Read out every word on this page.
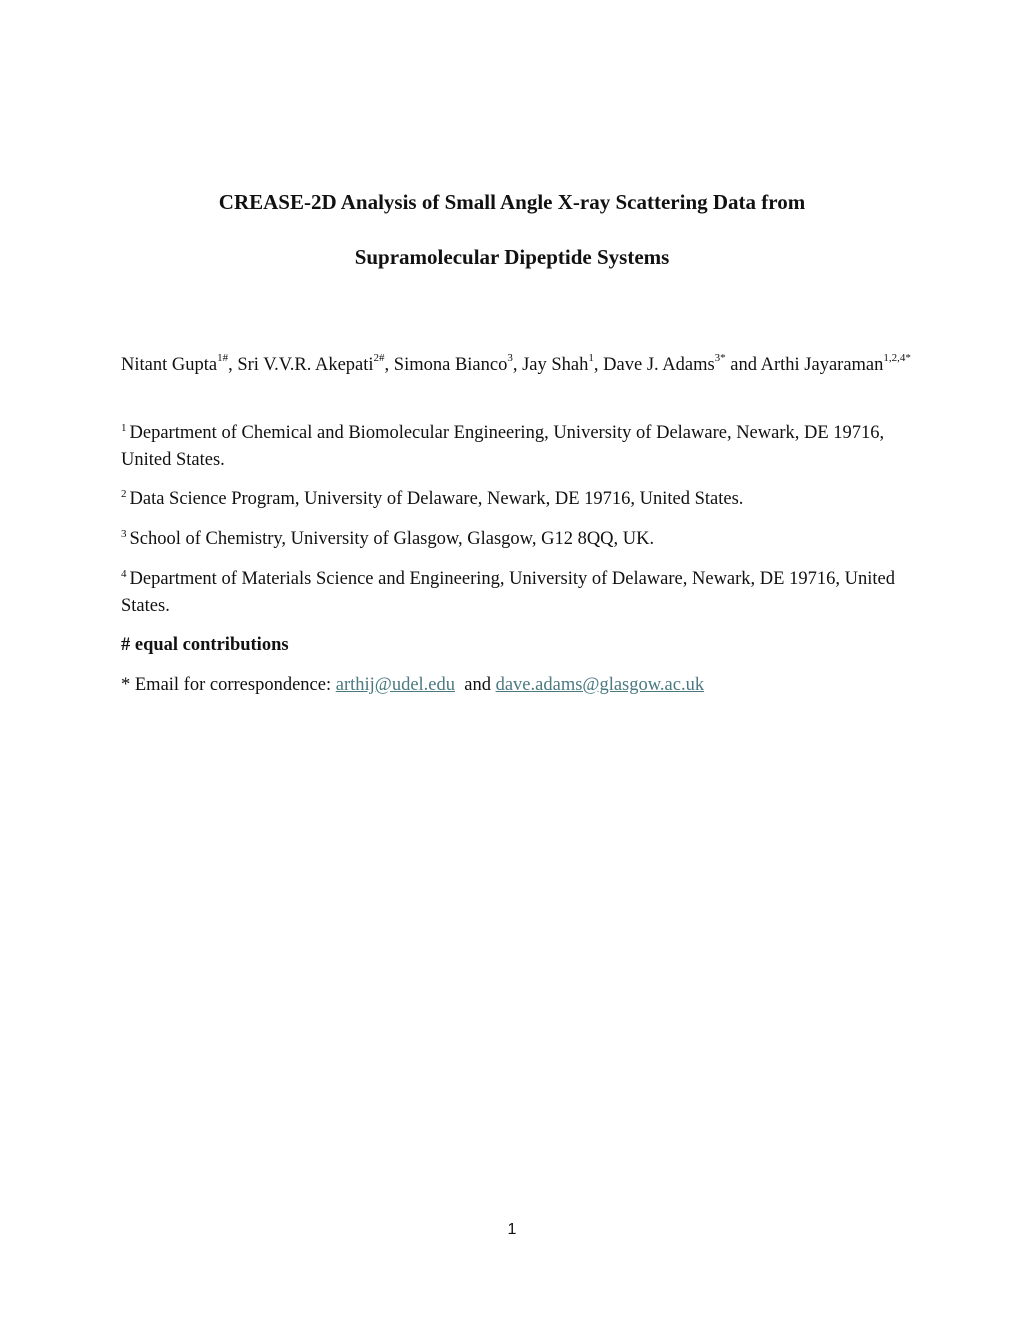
CREASE-2D Analysis of Small Angle X-ray Scattering Data from
Supramolecular Dipeptide Systems
Nitant Gupta$^{1\#}$, Sri V.V.R. Akepati$^{2\#}$, Simona Bianco$^3$, Jay Shah$^1$, Dave J. Adams$^{3*}$ and Arthi Jayaraman$^{1,2,4*}$
$^1$ Department of Chemical and Biomolecular Engineering, University of Delaware, Newark, DE 19716, United States.
$^2$ Data Science Program, University of Delaware, Newark, DE 19716, United States.
$^3$ School of Chemistry, University of Glasgow, Glasgow, G12 8QQ, UK.
$^4$ Department of Materials Science and Engineering, University of Delaware, Newark, DE 19716, United States.
# equal contributions
* Email for correspondence: arthij@udel.edu and dave.adams@glasgow.ac.uk
1
